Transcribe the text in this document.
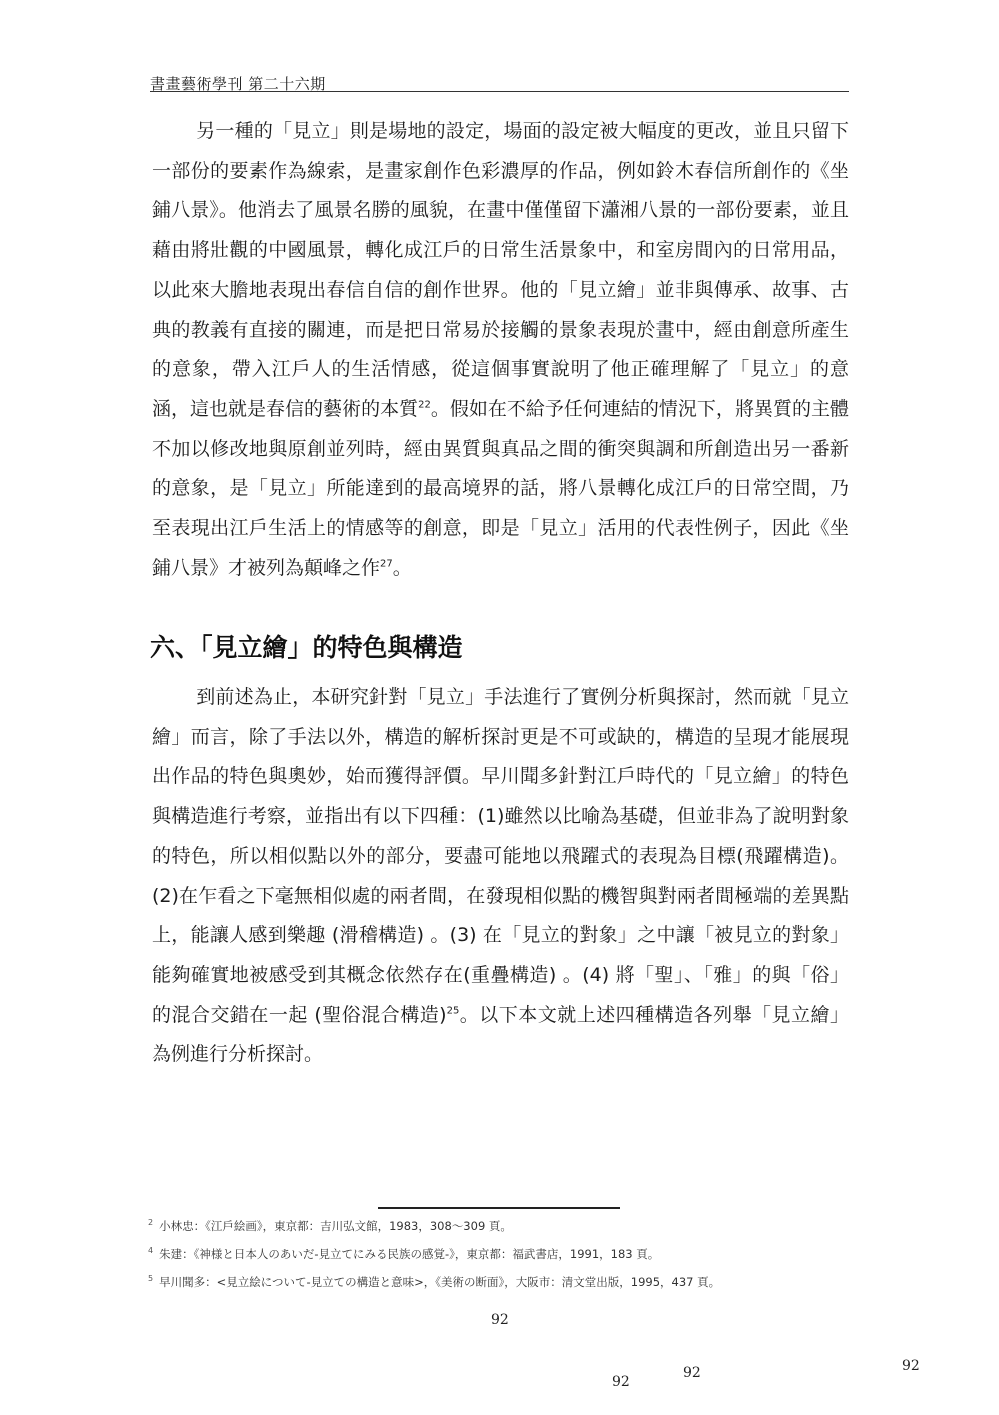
書畫藝術學刊 第二十六期

另一種的「見立」則是場地的設定，場面的設定被大幅度的更改，並且只留下一部份的要素作為線索，是畫家創作色彩濃厚的作品，例如鈴木春信所創作的《坐鋪八景》。他消去了風景名勝的風貌，在畫中僅僅留下瀟湘八景的一部份要素，並且藉由將壯觀的中國風景，轉化成江戶的日常生活景象中，和室房間內的日常用品，以此來大膽地表現出春信自信的創作世界。他的「見立繪」並非與傳承、故事、古典的教義有直接的關連，而是把日常易於接觸的景象表現於畫中，經由創意所產生的意象，帶入江戶人的生活情感，從這個事實說明了他正確理解了「見立」的意涵，這也就是春信的藝術的本質$^{22}$。假如在不給予任何連結的情況下，將異質的主體不加以修改地與原創並列時，經由異質與真品之間的衝突與調和所創造出另一番新的意象，是「見立」所能達到的最高境界的話，將八景轉化成江戶的日常空間，乃至表現出江戶生活上的情感等的創意，即是「見立」活用的代表性例子，因此《坐鋪八景》才被列為顛峰之作$^{27}$。

六、「見立繪」的特色與構造

到前述為止，本研究針對「見立」手法進行了實例分析與探討，然而就「見立繪」而言，除了手法以外，構造的解析探討更是不可或缺的，構造的呈現才能展現出作品的特色與奧妙，始而獲得評價。早川聞多針對江戶時代的「見立繪」的特色與構造進行考察，並指出有以下四種：(1)雖然以比喻為基礎，但並非為了說明對象的特色，所以相似點以外的部分，要盡可能地以飛躍式的表現為目標(飛躍構造)。(2)在乍看之下毫無相似處的兩者間，在發現相似點的機智與對兩者間極端的差異點上，能讓人感到樂趣 (滑稽構造) 。(3) 在「見立的對象」之中讓「被見立的對象」能夠確實地被感受到其概念依然存在(重疊構造) 。(4) 將「聖」、「雅」的與「俗」的混合交錯在一起 (聖俗混合構造)$^{25}$。以下本文就上述四種構造各列舉「見立繪」為例進行分析探討。

$^2$ 小林忠：《江戶絵画》，東京都：吉川弘文館，1983，308～309 頁。
$^4$ 朱建：《神様と日本人のあいだ-見立てにみる民族の感覚-》，東京都：福武書店，1991，183 頁。
$^5$ 早川聞多：<見立絵について-見立ての構造と意味>，《美術の断面》，大阪市：清文堂出版，1995，437 頁。
92
92
92	92
